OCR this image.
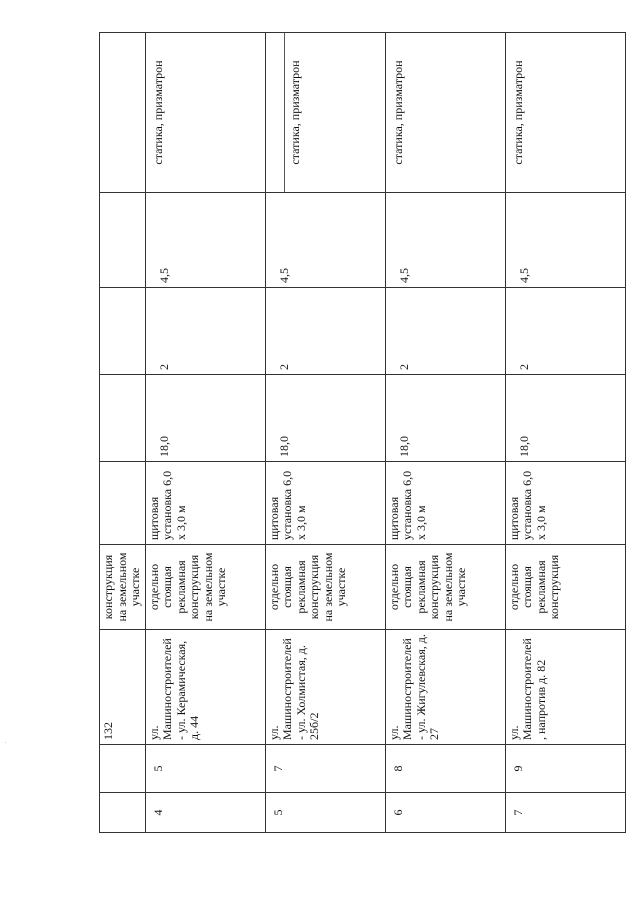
		132	конструкция на земельном участке					
4	5	ул. Машиностроителей - ул. Керамическая, д. 44	отдельно стоящая рекламная конструкция на земельном участке	щитовая установка 6,0 х 3,0 м	18,0	2	4,5	статика, призматрон

5	7	ул. Машиностроителей - ул. Холмистая, д. 25б/2	отдельно стоящая рекламная конструкция на земельном участке	щитовая установка 6,0 х 3,0 м	18,0	2	4,5	статика, призматрон

6	8	ул. Машиностроителей - ул. Жигулевская, д. 27	отдельно стоящая рекламная конструкция на земельном участке	щитовая установка 6,0 х 3,0 м	18,0	2	4,5	статика, призматрон

7	9	ул. Машиностроителей , напротив д. 82	отдельно стоящая рекламная конструкция	щитовая установка 6,0 х 3,0 м	18,0	2	4,5	статика, призматрон
